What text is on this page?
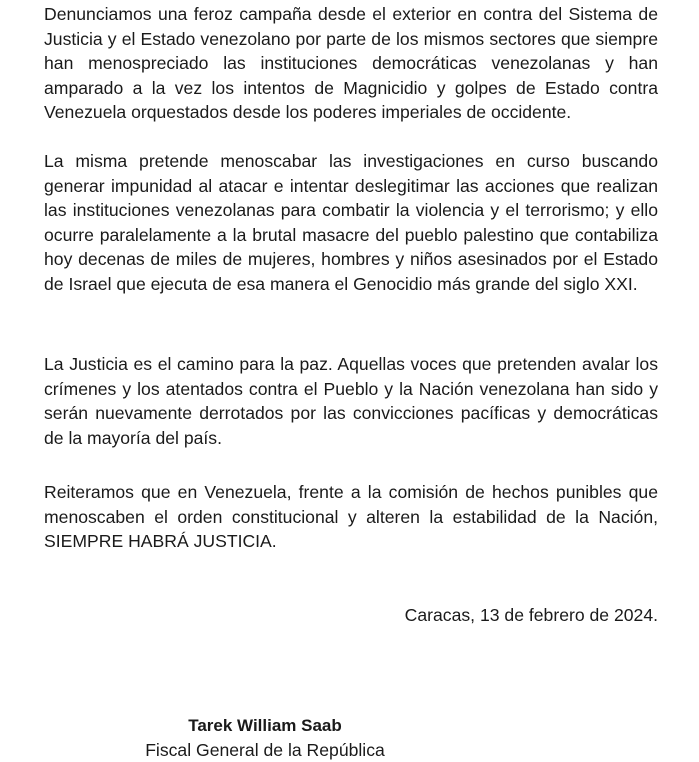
Denunciamos una feroz campaña desde el exterior en contra del Sistema de Justicia y el Estado venezolano por parte de los mismos sectores que siempre han menospreciado las instituciones democráticas venezolanas y han amparado a la vez los intentos de Magnicidio y golpes de Estado contra Venezuela orquestados desde los poderes imperiales de occidente.

La misma pretende menoscabar las investigaciones en curso buscando generar impunidad al atacar e intentar deslegitimar las acciones que realizan las instituciones venezolanas para combatir la violencia y el terrorismo; y ello ocurre paralelamente a la brutal masacre del pueblo palestino que contabiliza hoy decenas de miles de mujeres, hombres y niños asesinados por el Estado de Israel que ejecuta de esa manera el Genocidio más grande del siglo XXI.

La Justicia es el camino para la paz. Aquellas voces que pretenden avalar los crímenes y los atentados contra el Pueblo y la Nación venezolana han sido y serán nuevamente derrotados por las convicciones pacíficas y democráticas de la mayoría del país.

Reiteramos que en Venezuela, frente a la comisión de hechos punibles que menoscaben el orden constitucional y alteren la estabilidad de la Nación, SIEMPRE HABRÁ JUSTICIA.

Caracas, 13 de febrero de 2024.
Tarek William Saab
Fiscal General de la República
